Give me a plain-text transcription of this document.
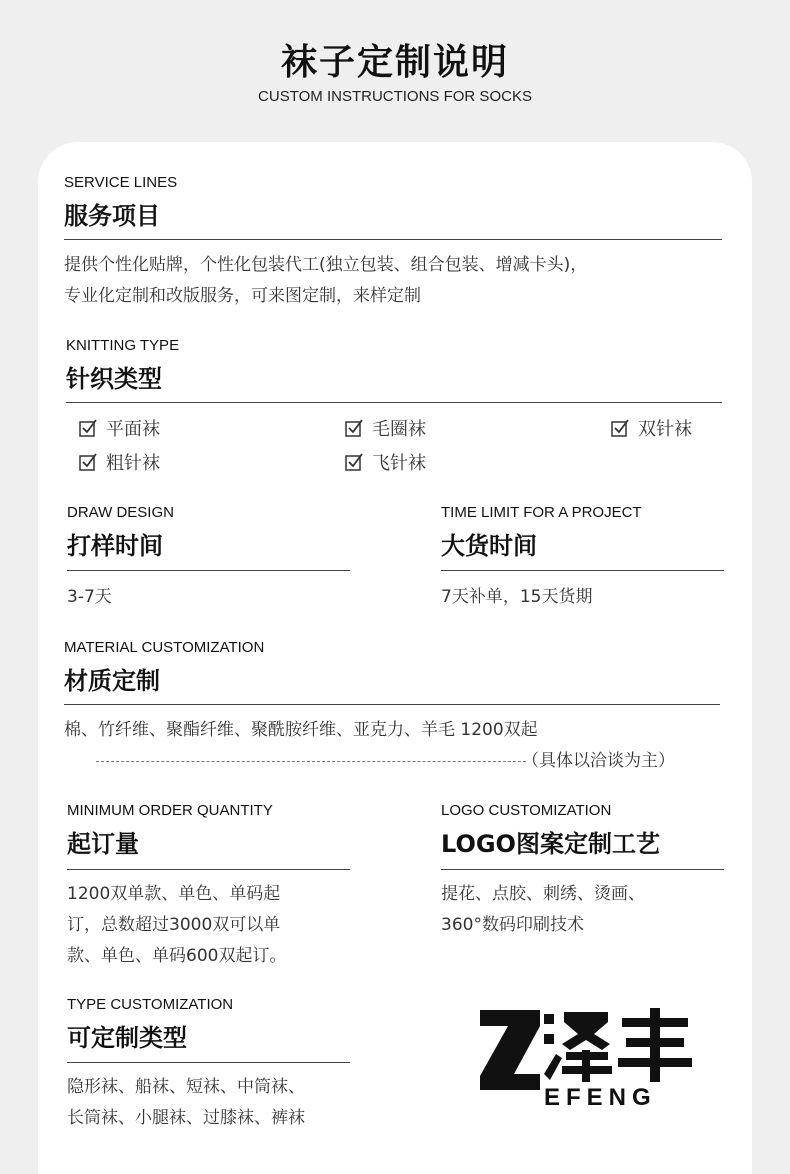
袜子定制说明
CUSTOM INSTRUCTIONS FOR SOCKS
SERVICE LINES
服务项目
提供个性化贴牌，个性化包装代工(独立包装、组合包装、增减卡头)，
专业化定制和改版服务，可来图定制，来样定制
KNITTING TYPE
针织类型
平面袜	毛圈袜	双针袜
粗针袜	飞针袜
DRAW DESIGN
打样时间
3-7天
TIME LIMIT FOR A PROJECT
大货时间
7天补单，15天货期
MATERIAL CUSTOMIZATION
材质定制
棉、竹纤维、聚酯纤维、聚酰胺纤维、亚克力、羊毛 1200双起
（具体以洽谈为主）
MINIMUM ORDER QUANTITY
起订量
1200双单款、单色、单码起
订，总数超过3000双可以单
款、单色、单码600双起订。
LOGO CUSTOMIZATION
LOGO图案定制工艺
提花、点胶、刺绣、烫画、
360°数码印刷技术
TYPE CUSTOMIZATION
可定制类型
隐形袜、船袜、短袜、中筒袜、
长筒袜、小腿袜、过膝袜、裤袜
EFENG
